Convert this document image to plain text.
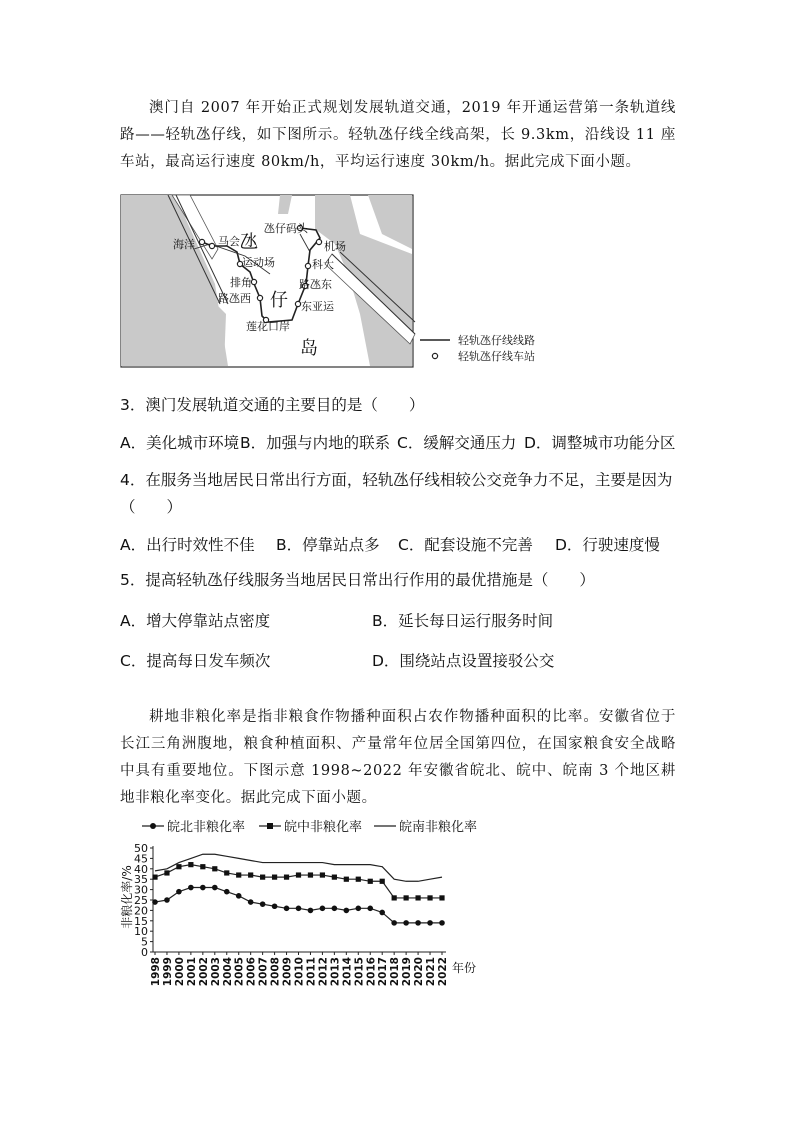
澳门自 2007 年开始正式规划发展轨道交通，2019 年开通运营第一条轨道线路——轻轨氹仔线，如下图所示。轻轨氹仔线全线高架，长 9.3km，沿线设 11 座车站，最高运行速度 80km/h，平均运行速度 30km/h。据此完成下面小题。
海洋 马会
运动场
排角
路氹西
莲花口岸
东亚运
路氹东
科大
机场
氹仔码头
氹
仔
岛	轻轨氹仔线线路
轻轨氹仔线车站
3．澳门发展轨道交通的主要目的是（　　）
A．美化城市环境 B．加强与内地的联系 C．缓解交通压力 D．调整城市功能分区
4．在服务当地居民日常出行方面，轻轨氹仔线相较公交竞争力不足，主要是因为（　　）
A．出行时效性不佳 B．停靠站点多 C．配套设施不完善 D．行驶速度慢
5．提高轻轨氹仔线服务当地居民日常出行作用的最优措施是（　　）
A．增大停靠站点密度	B．延长每日运行服务时间
C．提高每日发车频次	D．围绕站点设置接驳公交
耕地非粮化率是指非粮食作物播种面积占农作物播种面积的比率。安徽省位于长江三角洲腹地，粮食种植面积、产量常年位居全国第四位，在国家粮食安全战略中具有重要地位。下图示意 1998~2022 年安徽省皖北、皖中、皖南 3 个地区耕地非粮化率变化。据此完成下面小题。
皖北非粮化率	皖中非粮化率	皖南非粮化率
0
5
10
15
20
25
30
35
40
45
50
1998 1999 2000 2001 2002 2003 2004 2005 2006 2007 2008 2009 2010 2011 2012 2013 2014 2015 2016 2017 2018 2019 2020 2021 2022
非粮化率/%
年份
